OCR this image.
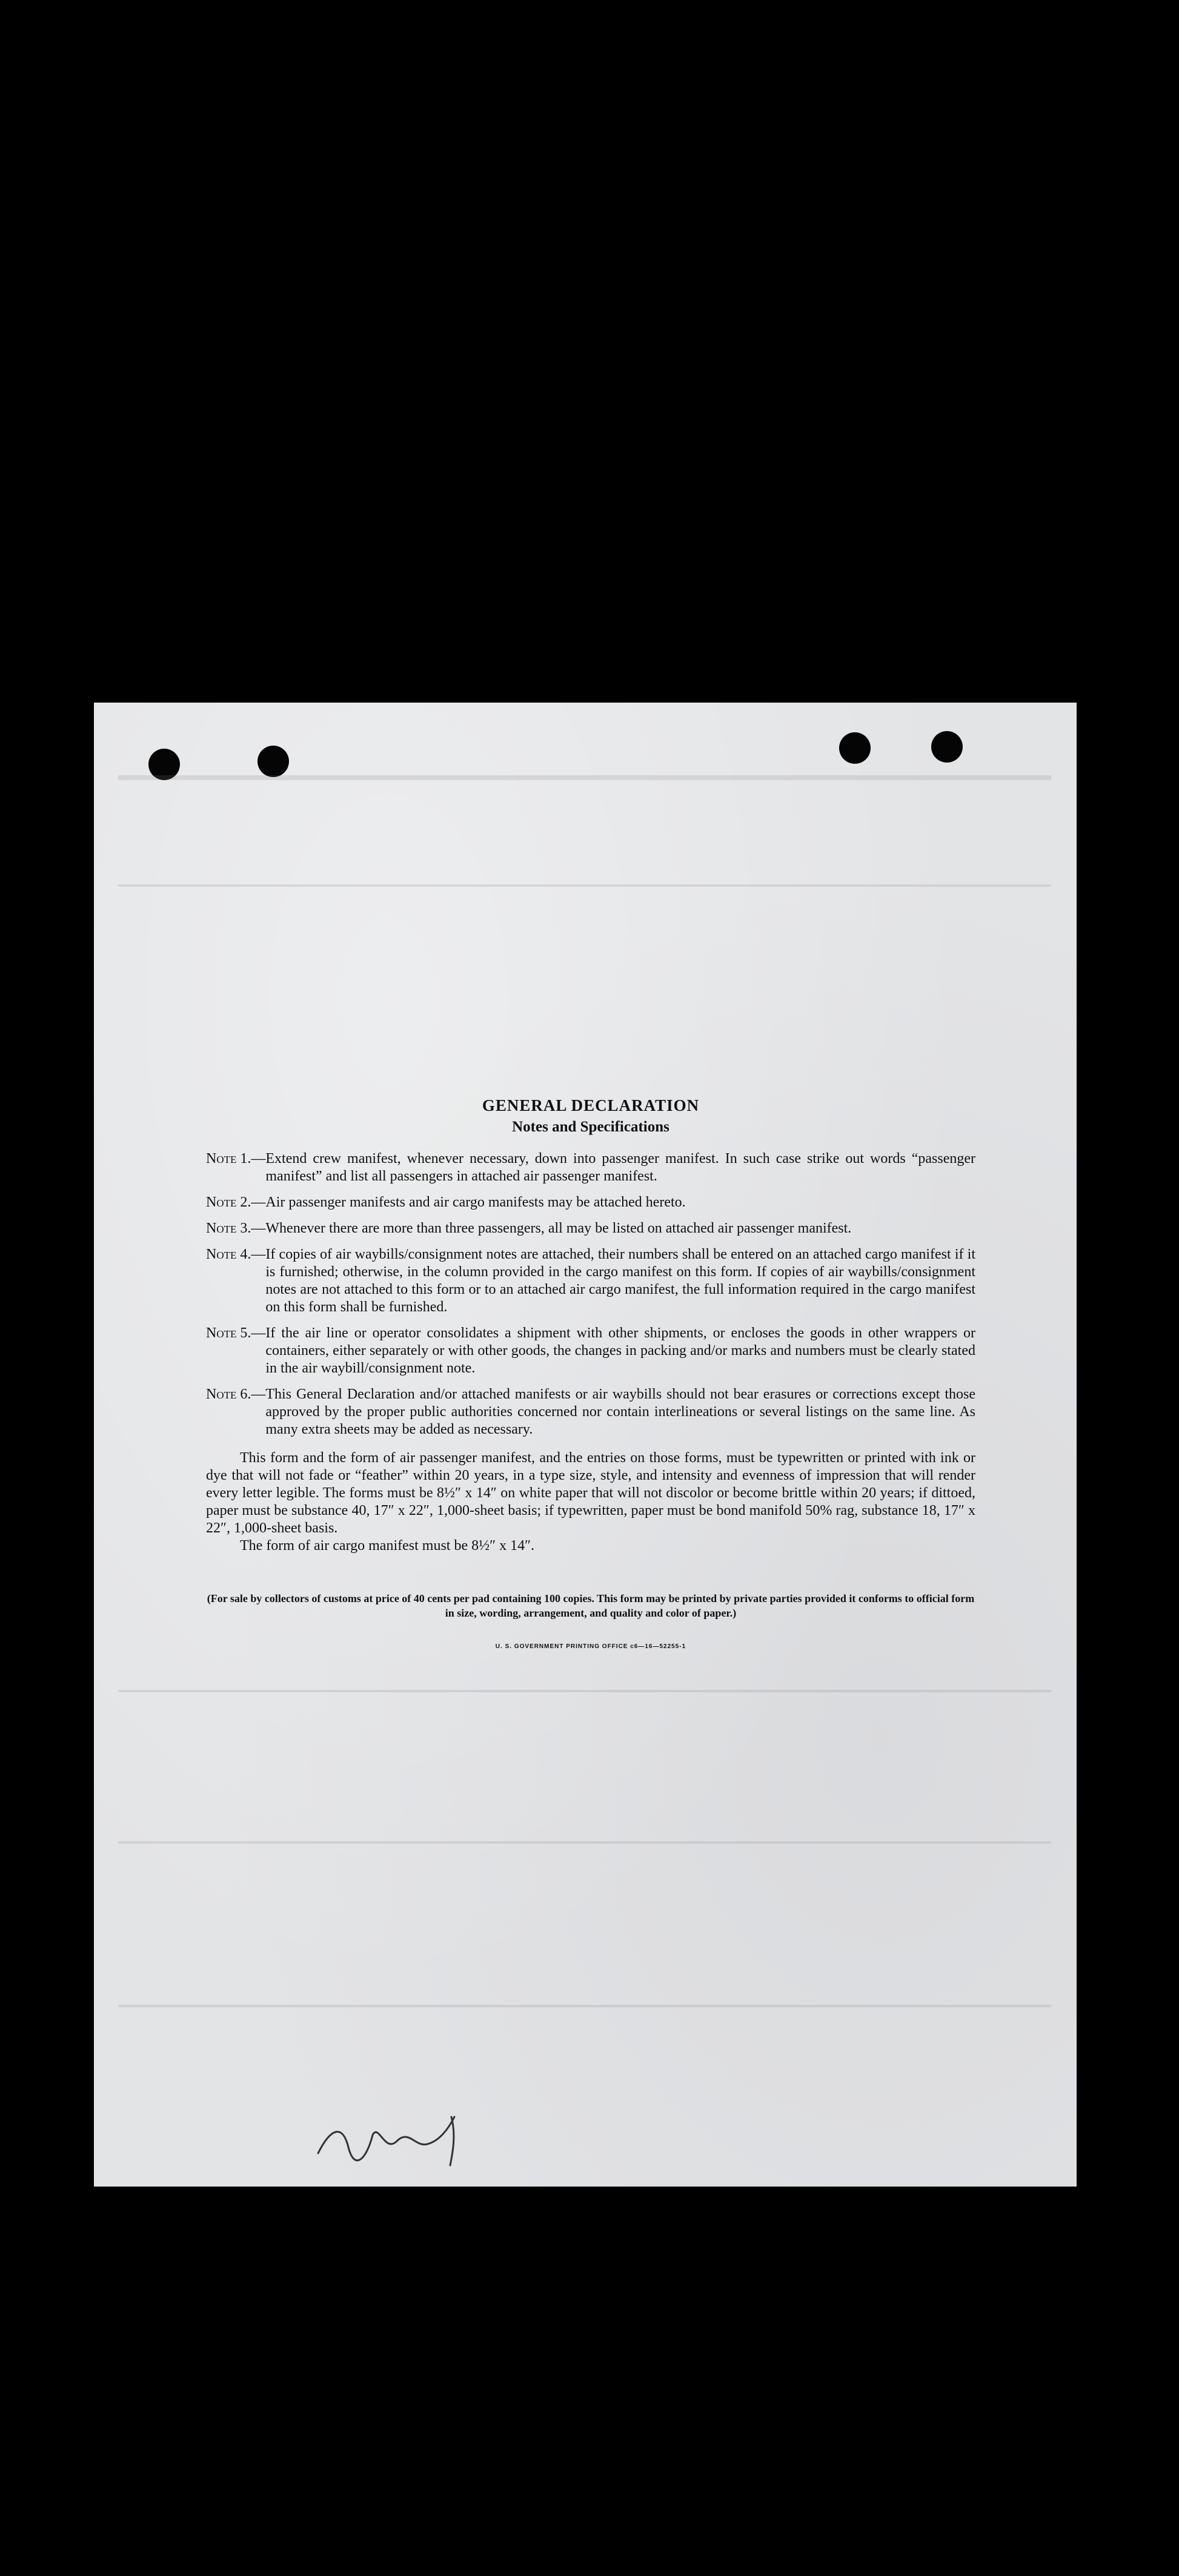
GENERAL DECLARATION
Notes and Specifications
Note 1. — Extend crew manifest, whenever necessary, down into passenger manifest. In such case strike out words “passenger manifest” and list all passengers in attached air passenger manifest.
Note 2. — Air passenger manifests and air cargo manifests may be attached hereto.
Note 3. — Whenever there are more than three passengers, all may be listed on attached air passenger manifest.
Note 4. — If copies of air waybills/consignment notes are attached, their numbers shall be entered on an attached cargo manifest if it is furnished; otherwise, in the column provided in the cargo manifest on this form. If copies of air waybills/consignment notes are not attached to this form or to an attached air cargo manifest, the full information required in the cargo manifest on this form shall be furnished.
Note 5. — If the air line or operator consolidates a shipment with other shipments, or encloses the goods in other wrappers or containers, either separately or with other goods, the changes in packing and/or marks and numbers must be clearly stated in the air waybill/consignment note.
Note 6. — This General Declaration and/or attached manifests or air waybills should not bear erasures or corrections except those approved by the proper public authorities concerned nor contain interlineations or several listings on the same line. As many extra sheets may be added as necessary.

This form and the form of air passenger manifest, and the entries on those forms, must be typewritten or printed with ink or dye that will not fade or “feather” within 20 years, in a type size, style, and intensity and evenness of impression that will render every letter legible. The forms must be 8½″ x 14″ on white paper that will not discolor or become brittle within 20 years; if dittoed, paper must be substance 40, 17″ x 22″, 1,000-sheet basis; if typewritten, paper must be bond manifold 50% rag, substance 18, 17″ x 22″, 1,000-sheet basis.

The form of air cargo manifest must be 8½″ x 14″.

(For sale by collectors of customs at price of 40 cents per pad containing 100 copies. This form may be printed by private parties provided it conforms to official form in size, wording, arrangement, and quality and color of paper.)
U. S. GOVERNMENT PRINTING OFFICE c6—16—52255-1
